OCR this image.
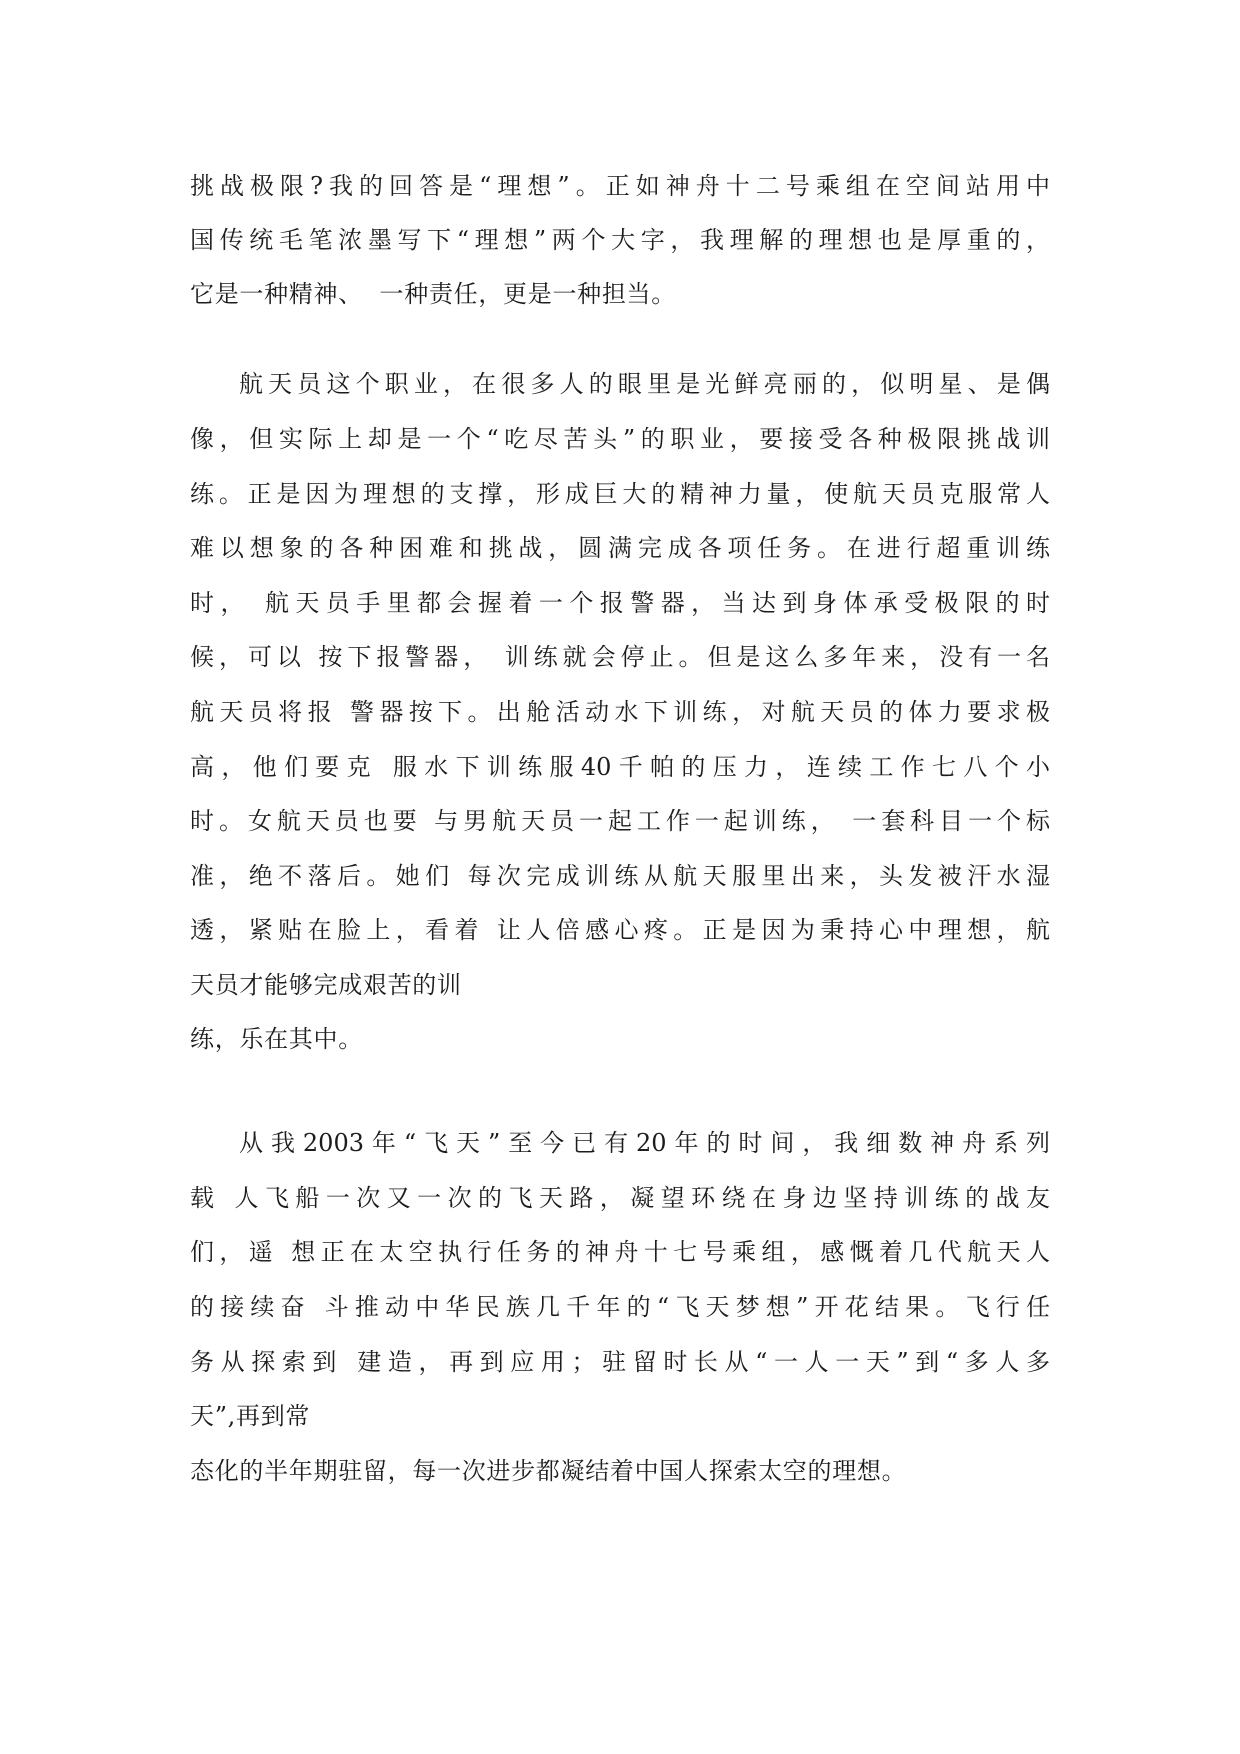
挑战极限?我的回答是“理想”。正如神舟十二号乘组在空间站用中
国传统毛笔浓墨写下“理想”两个大字，我理解的理想也是厚重的，
它是一种精神、  一种责任，更是一种担当。
航天员这个职业，在很多人的眼里是光鲜亮丽的，似明星、是偶
像，但实际上却是一个“吃尽苦头”的职业，要接受各种极限挑战训
练。正是因为理想的支撑，形成巨大的精神力量，使航天员克服常人
难以想象的各种困难和挑战，圆满完成各项任务。在进行超重训练
时， 航天员手里都会握着一个报警器，当达到身体承受极限的时
候，可以 按下报警器， 训练就会停止。但是这么多年来，没有一名
航天员将报 警器按下。出舱活动水下训练，对航天员的体力要求极
高，他们要克 服水下训练服40千帕的压力，连续工作七八个小
时。女航天员也要 与男航天员一起工作一起训练， 一套科目一个标
准，绝不落后。她们 每次完成训练从航天服里出来，头发被汗水湿
透，紧贴在脸上，看着 让人倍感心疼。正是因为秉持心中理想，航
天员才能够完成艰苦的训
练，乐在其中。
从我2003年“飞天”至今已有20年的时间，我细数神舟系列
载 人飞船一次又一次的飞天路，凝望环绕在身边坚持训练的战友
们，遥 想正在太空执行任务的神舟十七号乘组，感慨着几代航天人
的接续奋 斗推动中华民族几千年的“飞天梦想”开花结果。飞行任
务从探索到 建造，再到应用；驻留时长从“一人一天”到“多人多
天”,再到常
态化的半年期驻留，每一次进步都凝结着中国人探索太空的理想。
